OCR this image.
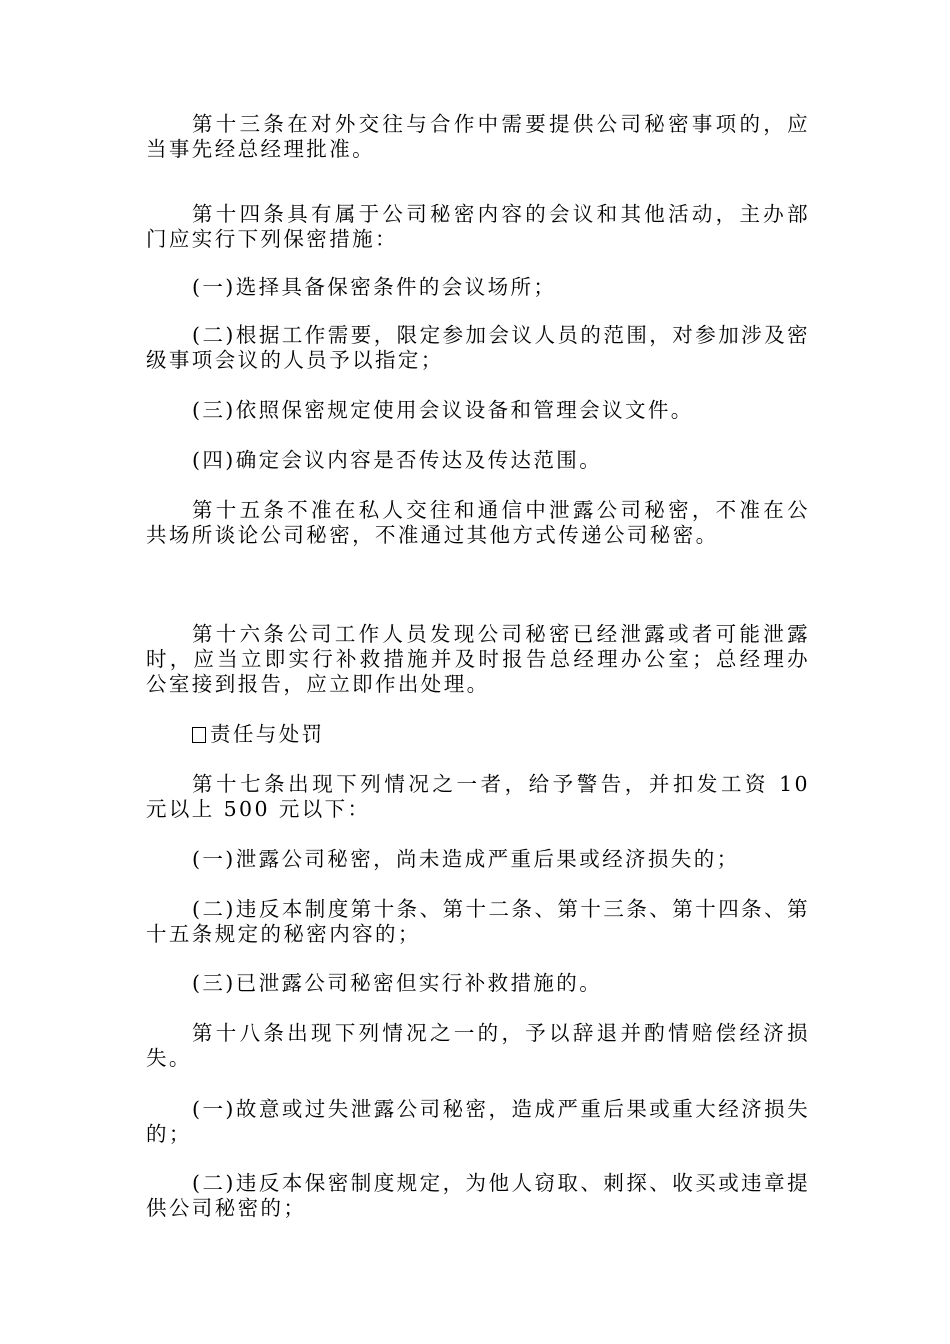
第十三条在对外交往与合作中需要提供公司秘密事项的，应当事先经总经理批准。

第十四条具有属于公司秘密内容的会议和其他活动，主办部门应实行下列保密措施：

(一)选择具备保密条件的会议场所；

(二)根据工作需要，限定参加会议人员的范围，对参加涉及密级事项会议的人员予以指定；

(三)依照保密规定使用会议设备和管理会议文件。

(四)确定会议内容是否传达及传达范围。

第十五条不准在私人交往和通信中泄露公司秘密，不准在公共场所谈论公司秘密，不准通过其他方式传递公司秘密。

第十六条公司工作人员发现公司秘密已经泄露或者可能泄露时，应当立即实行补救措施并及时报告总经理办公室；总经理办公室接到报告，应立即作出处理。

责任与处罚

第十七条出现下列情况之一者，给予警告，并扣发工资 10 元以上 500 元以下：

(一)泄露公司秘密，尚未造成严重后果或经济损失的；

(二)违反本制度第十条、第十二条、第十三条、第十四条、第十五条规定的秘密内容的；

(三)已泄露公司秘密但实行补救措施的。

第十八条出现下列情况之一的，予以辞退并酌情赔偿经济损失。

(一)故意或过失泄露公司秘密，造成严重后果或重大经济损失的；

(二)违反本保密制度规定，为他人窃取、刺探、收买或违章提供公司秘密的；
